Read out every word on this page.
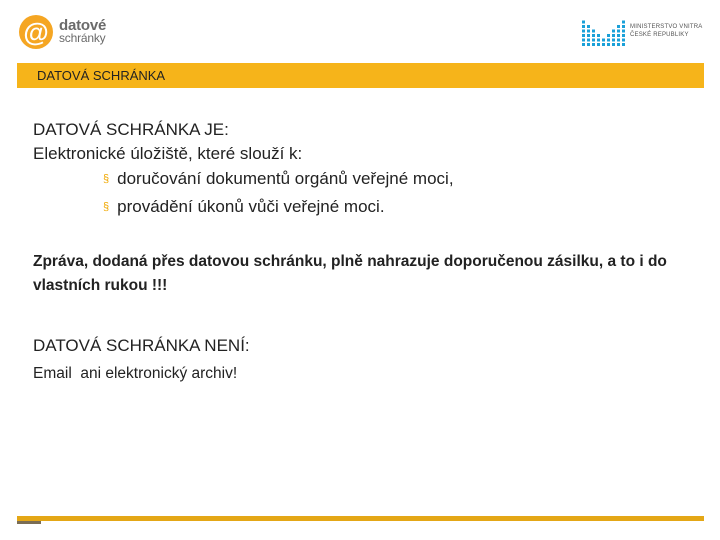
@ datové
schránky
MINISTERSTVO VNITRA
ČESKÉ REPUBLIKY
DATOVÁ SCHRÁNKA
DATOVÁ SCHRÁNKA JE:
Elektronické úložiště, které slouží k:
§ doručování dokumentů orgánů veřejné moci,
§ provádění úkonů vůči veřejné moci.
Zpráva, dodaná přes datovou schránku, plně nahrazuje doporučenou zásilku, a to i do vlastních rukou !!!
DATOVÁ SCHRÁNKA NENÍ:
Email  ani elektronický archiv!
